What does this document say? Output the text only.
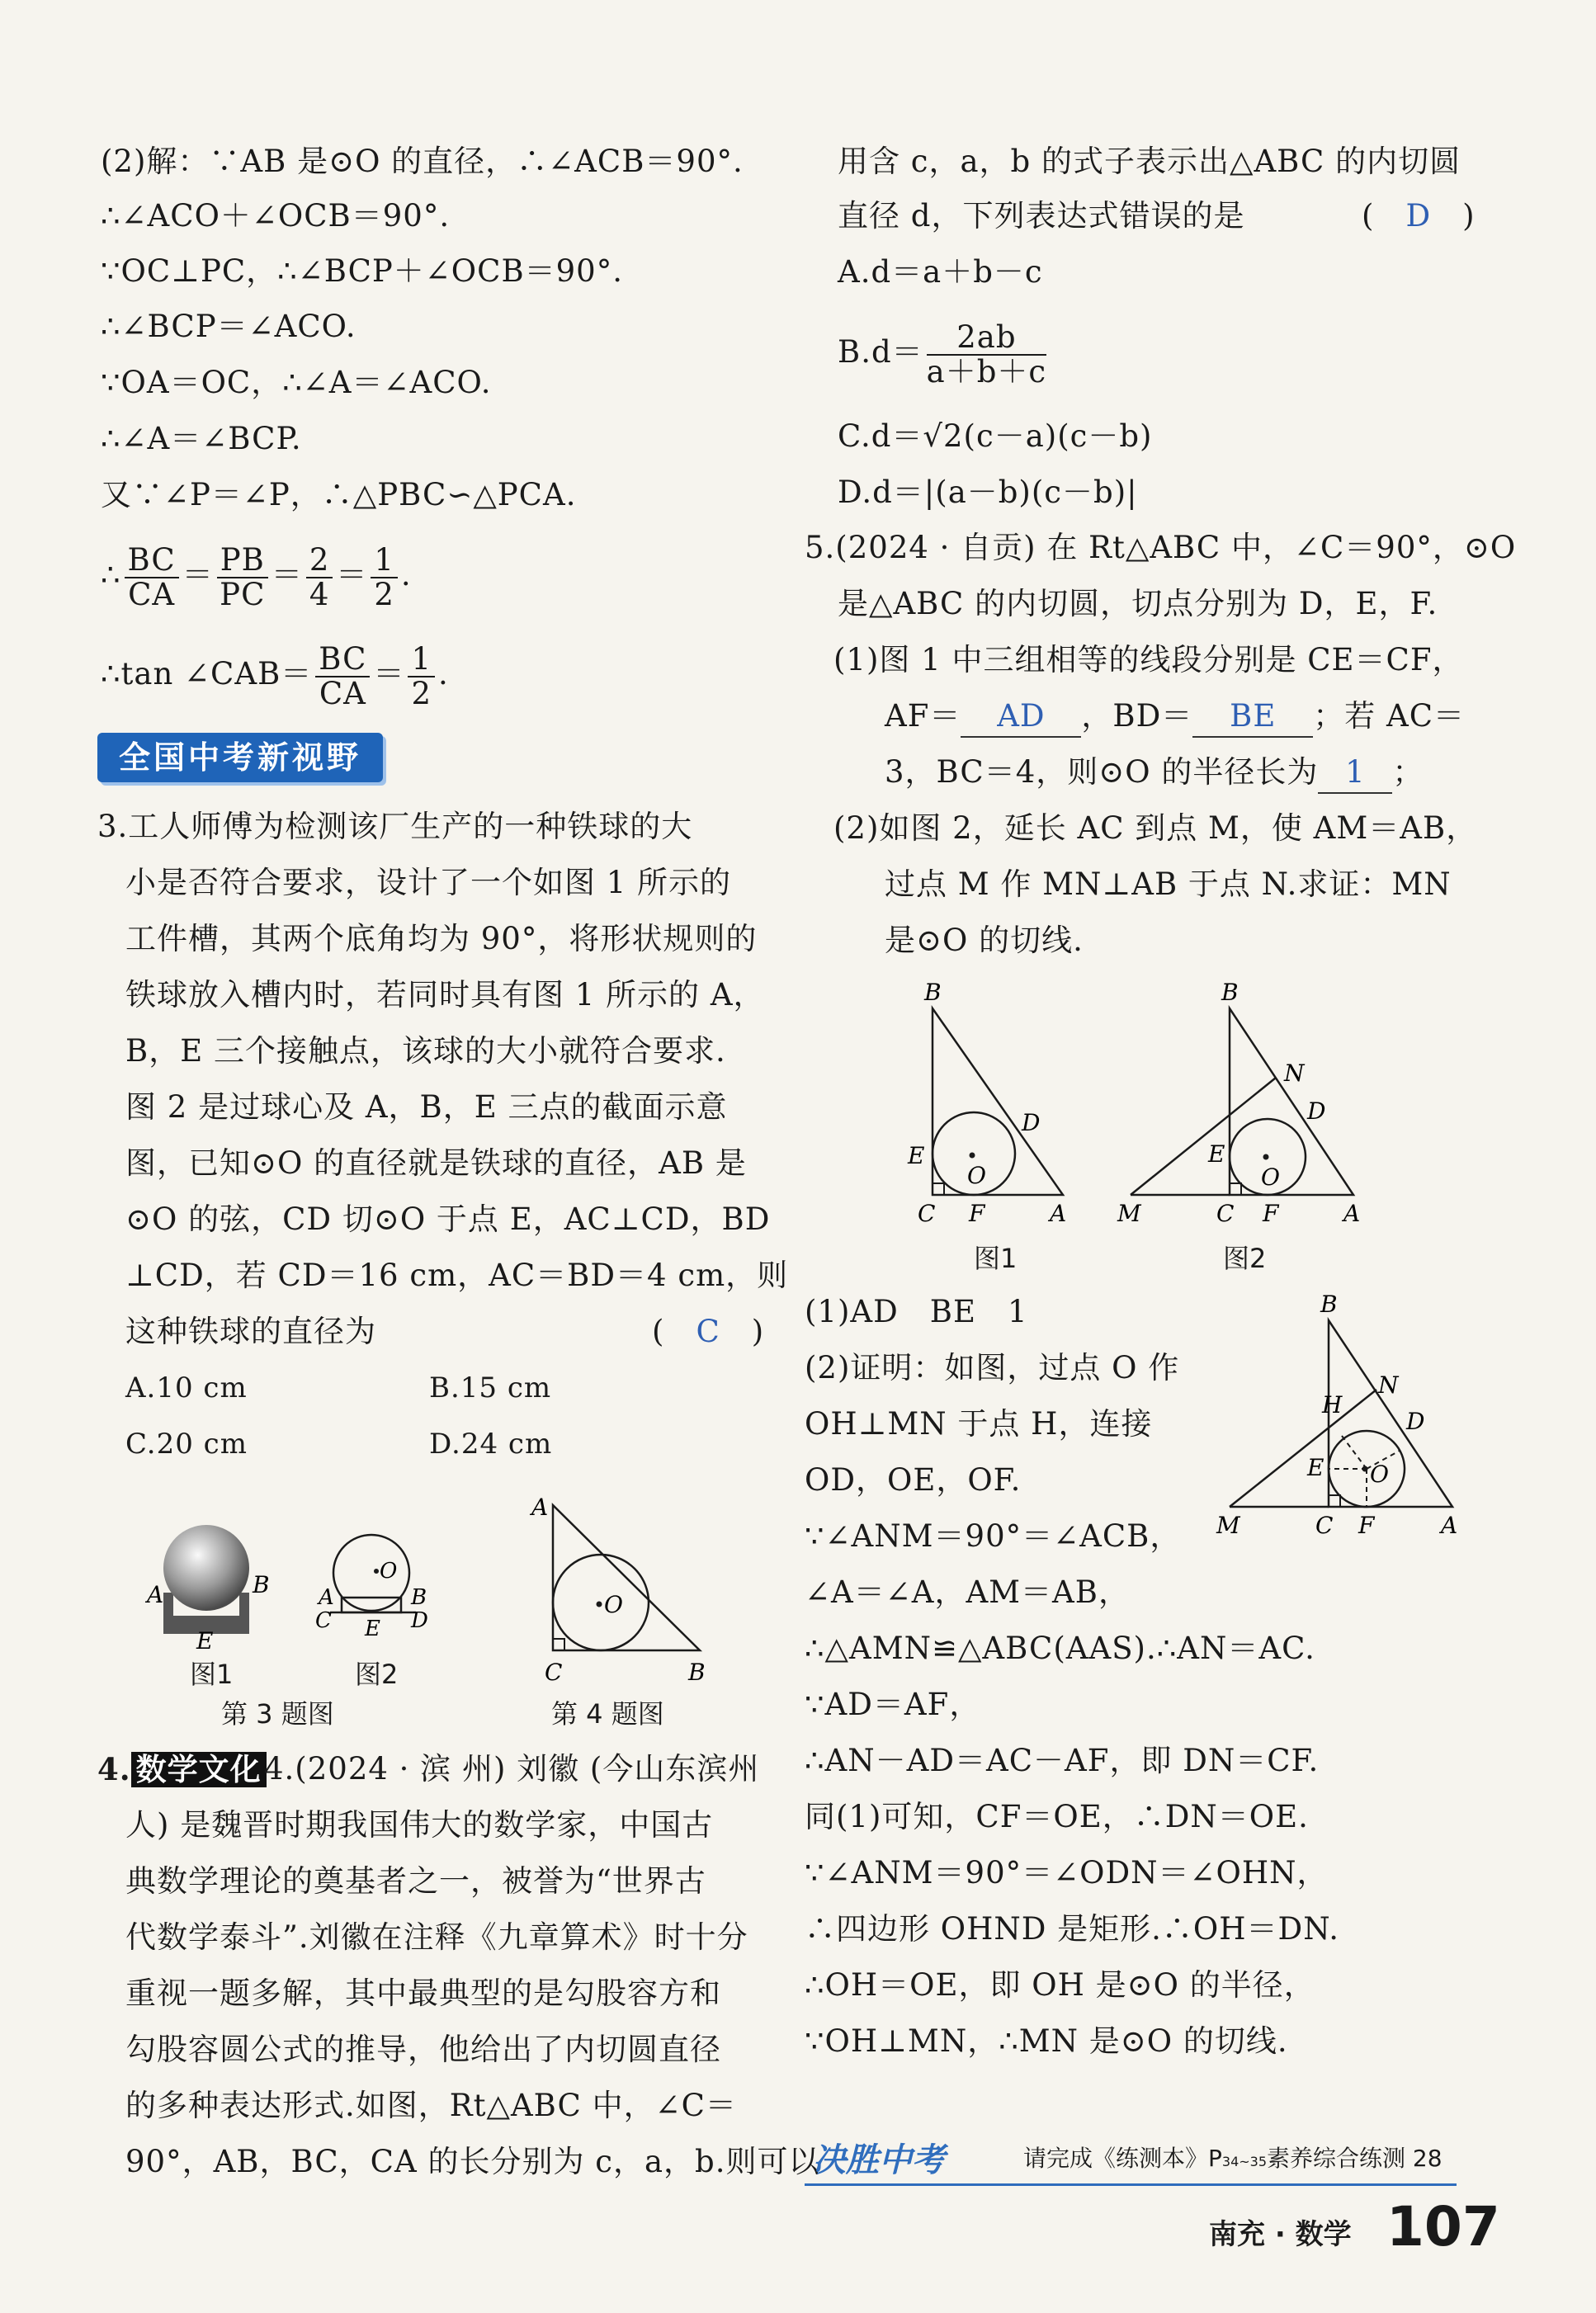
(2)解：∵AB 是⊙O 的直径，∴∠ACB＝90°.
∴∠ACO＋∠OCB＝90°.
∵OC⊥PC，∴∠BCP＋∠OCB＝90°.
∴∠BCP＝∠ACO.
∵OA＝OC，∴∠A＝∠ACO.
∴∠A＝∠BCP.
又∵∠P＝∠P，∴△PBC∽△PCA.
∴ $\frac{BC}{CA} = \frac{PB}{PC} = \frac{2}{4} = \frac{1}{2}$ .
∴tan ∠CAB＝ $\frac{BC}{CA} = \frac{1}{2}$ .
全国中考新视野
3.工人师傅为检测该厂生产的一种铁球的大
小是否符合要求，设计了一个如图 1 所示的
工件槽，其两个底角均为 90°，将形状规则的
铁球放入槽内时，若同时具有图 1 所示的 A，
B，E 三个接触点，该球的大小就符合要求.
图 2 是过球心及 A，B，E 三点的截面示意
图，已知⊙O 的直径就是铁球的直径，AB 是
⊙O 的弦，CD 切⊙O 于点 E，AC⊥CD，BD
⊥CD，若 CD＝16 cm，AC＝BD＝4 cm，则
这种铁球的直径为	(　C　)
A.10 cm	B.15 cm
C.20 cm	D.24 cm
A	B
E
图1
O
A	B
C	D
E
图2
第 3 题图
O
A
C	B
第 4 题图
4. 数学文化 4.(2024 · 滨 州) 刘徽 (今山东滨州
人) 是魏晋时期我国伟大的数学家，中国古
典数学理论的奠基者之一，被誉为“世界古
代数学泰斗”.刘徽在注释《九章算术》时十分
重视一题多解，其中最典型的是勾股容方和
勾股容圆公式的推导，他给出了内切圆直径
的多种表达形式.如图，Rt△ABC 中，∠C＝
90°，AB，BC，CA 的长分别为 c，a，b.则可以
用含 c，a，b 的式子表示出△ABC 的内切圆
直径 d，下列表达式错误的是	(　D　)
A.d＝a＋b－c
$B.d= \frac{2ab}{a+b+c}$
C.d＝√2(c－a)(c－b)
D.d＝|(a－b)(c－b)|
5.(2024 · 自贡) 在 Rt△ABC 中，∠C＝90°，⊙O
是△ABC 的内切圆，切点分别为 D，E，F.
(1)图 1 中三组相等的线段分别是 CE＝CF，
AF＝ AD ，BD＝ BE ；若 AC＝
3，BC＝4，则⊙O 的半径长为 1 ；
(2)如图 2，延长 AC 到点 M，使 AM＝AB，
过点 M 作 MN⊥AB 于点 N.求证：MN
是⊙O 的切线.
O
B
D
E
C F	A
图1
O
B
N
D
E
M	C F	A
图2
(1)AD　BE　1
(2)证明：如图，过点 O 作
OH⊥MN 于点 H，连接
OD，OE，OF.
∵∠ANM＝90°＝∠ACB，
∠A＝∠A，AM＝AB，
∴△AMN≌△ABC(AAS).∴AN＝AC.
∵AD＝AF，
∴AN－AD＝AC－AF，即 DN＝CF.
同(1)可知，CF＝OE，∴DN＝OE.
∵∠ANM＝90°＝∠ODN＝∠OHN，
∴四边形 OHND 是矩形.∴OH＝DN.
∴OH＝OE，即 OH 是⊙O 的半径，
∵OH⊥MN，∴MN 是⊙O 的切线.
O
B
N
H
D
E
M	C F	A
决胜中考	请完成《练测本》P34~35素养综合练测 28
南充 · 数学 107
